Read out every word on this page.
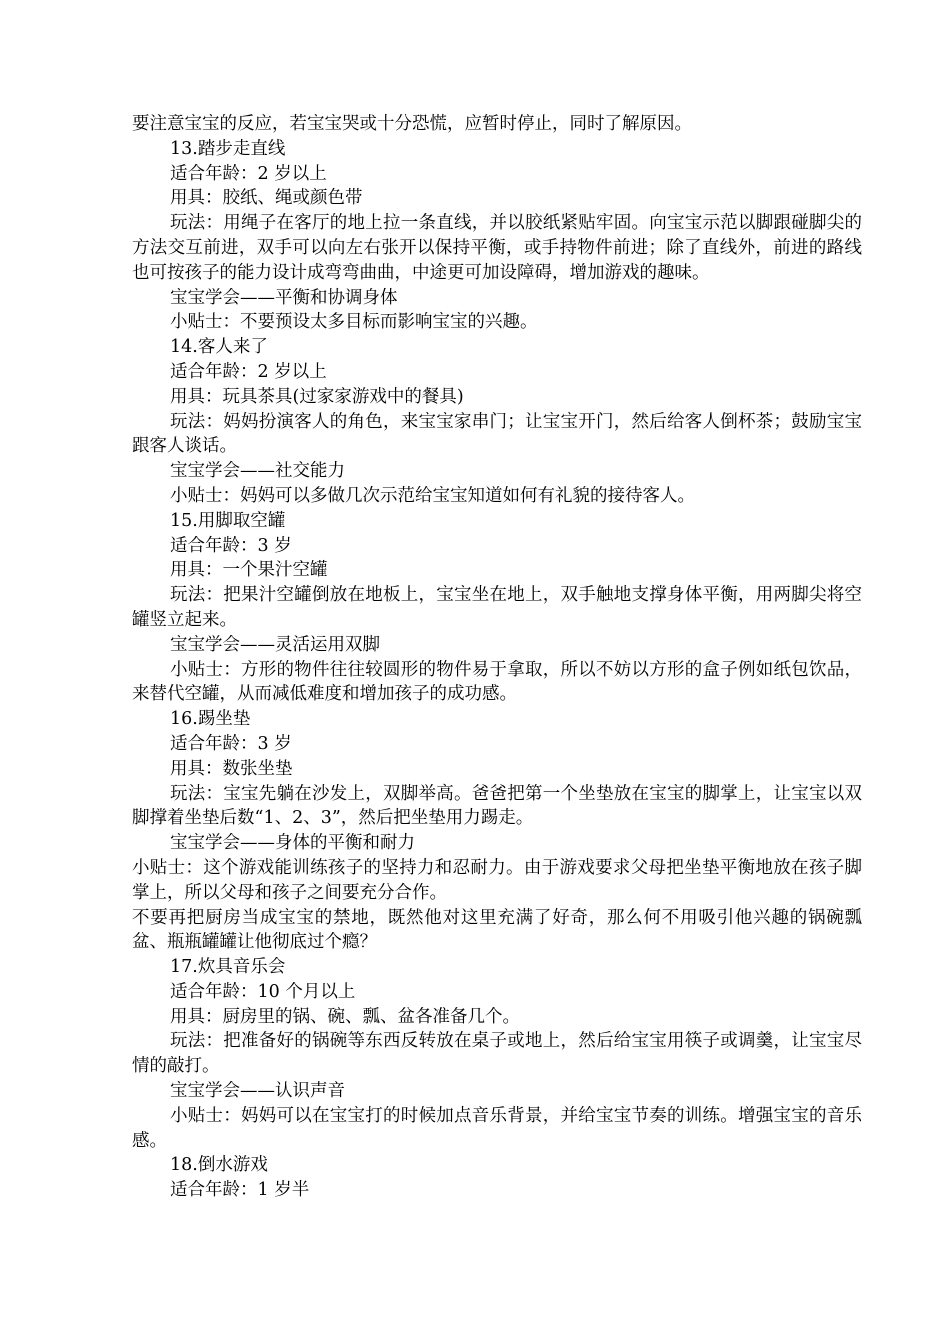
要注意宝宝的反应，若宝宝哭或十分恐慌，应暂时停止，同时了解原因。

13.踏步走直线

适合年龄：2 岁以上

用具：胶纸、绳或颜色带

玩法：用绳子在客厅的地上拉一条直线，并以胶纸紧贴牢固。向宝宝示范以脚跟碰脚尖的方法交互前进，双手可以向左右张开以保持平衡，或手持物件前进；除了直线外，前进的路线也可按孩子的能力设计成弯弯曲曲，中途更可加设障碍，增加游戏的趣味。

宝宝学会——平衡和协调身体

小贴士：不要预设太多目标而影响宝宝的兴趣。

14.客人来了

适合年龄：2 岁以上

用具：玩具茶具(过家家游戏中的餐具)

玩法：妈妈扮演客人的角色，来宝宝家串门；让宝宝开门，然后给客人倒杯茶；鼓励宝宝跟客人谈话。

宝宝学会——社交能力

小贴士：妈妈可以多做几次示范给宝宝知道如何有礼貌的接待客人。

15.用脚取空罐

适合年龄：3 岁

用具：一个果汁空罐

玩法：把果汁空罐倒放在地板上，宝宝坐在地上，双手触地支撑身体平衡，用两脚尖将空罐竖立起来。

宝宝学会——灵活运用双脚

小贴士：方形的物件往往较圆形的物件易于拿取，所以不妨以方形的盒子例如纸包饮品，来替代空罐，从而减低难度和增加孩子的成功感。

16.踢坐垫

适合年龄：3 岁

用具：数张坐垫

玩法：宝宝先躺在沙发上，双脚举高。爸爸把第一个坐垫放在宝宝的脚掌上，让宝宝以双脚撑着坐垫后数“1、2、3”，然后把坐垫用力踢走。

宝宝学会——身体的平衡和耐力

小贴士：这个游戏能训练孩子的坚持力和忍耐力。由于游戏要求父母把坐垫平衡地放在孩子脚掌上，所以父母和孩子之间要充分合作。

不要再把厨房当成宝宝的禁地，既然他对这里充满了好奇，那么何不用吸引他兴趣的锅碗瓢盆、瓶瓶罐罐让他彻底过个瘾？

17.炊具音乐会

适合年龄：10 个月以上

用具：厨房里的锅、碗、瓢、盆各准备几个。

玩法：把准备好的锅碗等东西反转放在桌子或地上，然后给宝宝用筷子或调羹，让宝宝尽情的敲打。

宝宝学会——认识声音

小贴士：妈妈可以在宝宝打的时候加点音乐背景，并给宝宝节奏的训练。增强宝宝的音乐感。

18.倒水游戏

适合年龄：1 岁半
